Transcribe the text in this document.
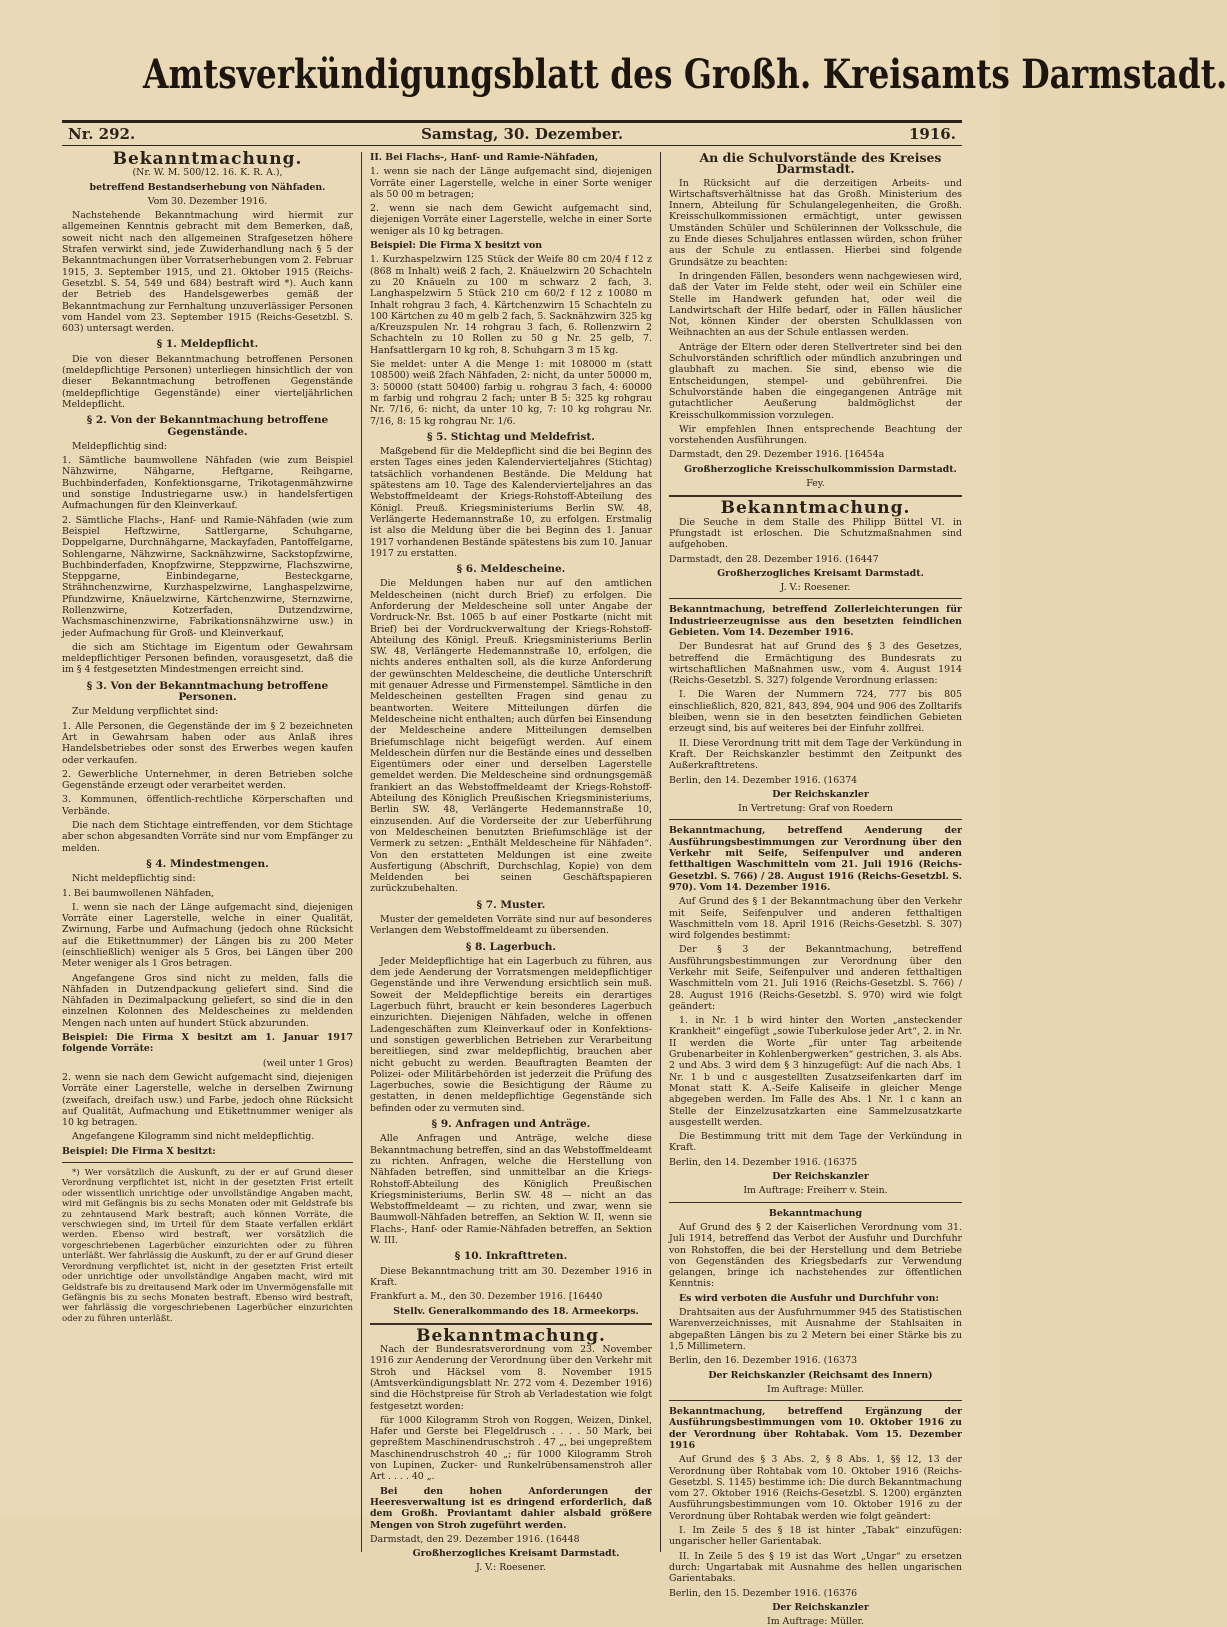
Amtsverkündigungsblatt des Großh. Kreisamts Darmstadt.
Nr. 292.	Samstag, 30. Dezember.	1916.
Bekanntmachung.

(Nr. W. M. 500/12. 16. K. R. A.),

betreffend Bestandserhebung von Nähfaden.

Vom 30. Dezember 1916.

Nachstehende Bekanntmachung wird hiermit zur allgemeinen Kenntnis gebracht mit dem Bemerken, daß, soweit nicht nach den allgemeinen Strafgesetzen höhere Strafen verwirkt sind, jede Zuwiderhandlung nach § 5 der Bekanntmachungen über Vorratserhebungen vom 2. Februar 1915, 3. September 1915, und 21. Oktober 1915 (Reichs-Gesetzbl. S. 54, 549 und 684) bestraft wird *). Auch kann der Betrieb des Handelsgewerbes gemäß der Bekanntmachung zur Fernhaltung unzuverlässiger Personen vom Handel vom 23. September 1915 (Reichs-Gesetzbl. S. 603) untersagt werden.

§ 1. Meldepflicht.

Die von dieser Bekanntmachung betroffenen Personen (meldepflichtige Personen) unterliegen hinsichtlich der von dieser Bekanntmachung betroffenen Gegenstände (meldepflichtige Gegenstände) einer vierteljährlichen Meldepflicht.

§ 2. Von der Bekanntmachung betroffene Gegenstände.

Meldepflichtig sind:

1. Sämtliche baumwollene Nähfaden (wie zum Beispiel Nähzwirne, Nähgarne, Heftgarne, Reihgarne, Buchbinderfaden, Konfektionsgarne, Trikotagenmähzwirne und sonstige Industriegarne usw.) in handelsfertigen Aufmachungen für den Kleinverkauf.

2. Sämtliche Flachs-, Hanf- und Ramie-Nähfaden (wie zum Beispiel Heftzwirne, Sattlergarne, Schuhgarne, Doppelgarne, Durchnähgarne, Mackayfaden, Pantoffelgarne, Sohlengarne, Nähzwirne, Sacknähzwirne, Sackstopfzwirne, Buchbinderfaden, Knopfzwirne, Steppzwirne, Flachszwirne, Steppgarne, Einbindegarne, Besteckgarne, Strähnchenzwirne, Kurzhaspelzwirne, Langhaspelzwirne, Pfundzwirne, Knäuelzwirne, Kärtchenzwirne, Sternzwirne, Rollenzwirne, Kotzerfaden, Dutzendzwirne, Wachsmaschinenzwirne, Fabrikationsnähzwirne usw.) in jeder Aufmachung für Groß- und Kleinverkauf,

die sich am Stichtage im Eigentum oder Gewahrsam meldepflichtiger Personen befinden, vorausgesetzt, daß die im § 4 festgesetzten Mindestmengen erreicht sind.

§ 3. Von der Bekanntmachung betroffene Personen.

Zur Meldung verpflichtet sind:

1. Alle Personen, die Gegenstände der im § 2 bezeichneten Art in Gewahrsam haben oder aus Anlaß ihres Handelsbetriebes oder sonst des Erwerbes wegen kaufen oder verkaufen.

2. Gewerbliche Unternehmer, in deren Betrieben solche Gegenstände erzeugt oder verarbeitet werden.

3. Kommunen, öffentlich-rechtliche Körperschaften und Verbände.

Die nach dem Stichtage eintreffenden, vor dem Stichtage aber schon abgesandten Vorräte sind nur vom Empfänger zu melden.

§ 4. Mindestmengen.

Nicht meldepflichtig sind:

1. Bei baumwollenen Nähfaden,

I. wenn sie nach der Länge aufgemacht sind, diejenigen Vorräte einer Lagerstelle, welche in einer Qualität, Zwirnung, Farbe und Aufmachung (jedoch ohne Rücksicht auf die Etikettnummer) der Längen bis zu 200 Meter (einschließlich) weniger als 5 Gros, bei Längen über 200 Meter weniger als 1 Gros betragen.

Angefangene Gros sind nicht zu melden, falls die Nähfaden in Dutzendpackung geliefert sind. Sind die Nähfaden in Dezimalpackung geliefert, so sind die in den einzelnen Kolonnen des Meldescheines zu meldenden Mengen nach unten auf hundert Stück abzurunden.

Beispiel: Die Firma X besitzt am 1. Januar 1917 folgende Vorräte:

(weil unter 1 Gros)

2. wenn sie nach dem Gewicht aufgemacht sind, diejenigen Vorräte einer Lagerstelle, welche in derselben Zwirnung (zweifach, dreifach usw.) und Farbe, jedoch ohne Rücksicht auf Qualität, Aufmachung und Etikettnummer weniger als 10 kg betragen.

Angefangene Kilogramm sind nicht meldepflichtig.

Beispiel: Die Firma X besitzt:

*) Wer vorsätzlich die Auskunft, zu der er auf Grund dieser Verordnung verpflichtet ist, nicht in der gesetzten Frist erteilt oder wissentlich unrichtige oder unvollständige Angaben macht, wird mit Gefängnis bis zu sechs Monaten oder mit Geldstrafe bis zu zehntausend Mark bestraft; auch können Vorräte, die verschwiegen sind, im Urteil für dem Staate verfallen erklärt werden. Ebenso wird bestraft, wer vorsätzlich die vorgeschriebenen Lagerbücher einzurichten oder zu führen unterläßt. Wer fahrlässig die Auskunft, zu der er auf Grund dieser Verordnung verpflichtet ist, nicht in der gesetzten Frist erteilt oder unrichtige oder unvollständige Angaben macht, wird mit Geldstrafe bis zu dreitausend Mark oder im Unvermögensfalle mit Gefängnis bis zu sechs Monaten bestraft. Ebenso wird bestraft, wer fahrlässig die vorgeschriebenen Lagerbücher einzurichten oder zu führen unterläßt.

II. Bei Flachs-, Hanf- und Ramie-Nähfaden,

1. wenn sie nach der Länge aufgemacht sind, diejenigen Vorräte einer Lagerstelle, welche in einer Sorte weniger als 50 00 m betragen;

2. wenn sie nach dem Gewicht aufgemacht sind, diejenigen Vorräte einer Lagerstelle, welche in einer Sorte weniger als 10 kg betragen.

Beispiel: Die Firma X besitzt von

1. Kurzhaspelzwirn 125 Stück der Weife 80 cm 20/4 f 12 z (868 m Inhalt) weiß 2 fach, 2. Knäuelzwirn 20 Schachteln zu 20 Knäueln zu 100 m schwarz 2 fach, 3. Langhaspelzwirn 5 Stück 210 cm 60/2 f 12 z 10080 m Inhalt rohgrau 3 fach, 4. Kärtchenzwirn 15 Schachteln zu 100 Kärtchen zu 40 m gelb 2 fach, 5. Sacknähzwirn 325 kg a/Kreuzspulen Nr. 14 rohgrau 3 fach, 6. Rollenzwirn 2 Schachteln zu 10 Rollen zu 50 g Nr. 25 gelb, 7. Hanfsattlergarn 10 kg roh, 8. Schuhgarn 3 m 15 kg.

Sie meldet: unter A die Menge 1: mit 108000 m (statt 108500) weiß 2fach Nähfaden, 2: nicht, da unter 50000 m, 3: 50000 (statt 50400) farbig u. rohgrau 3 fach, 4: 60000 m farbig und rohgrau 2 fach; unter B 5: 325 kg rohgrau Nr. 7/16, 6: nicht, da unter 10 kg, 7: 10 kg rohgrau Nr. 7/16, 8: 15 kg rohgrau Nr. 1/6.

§ 5. Stichtag und Meldefrist.

Maßgebend für die Meldepflicht sind die bei Beginn des ersten Tages eines jeden Kalendervierteljahres (Stichtag) tatsächlich vorhandenen Bestände. Die Meldung hat spätestens am 10. Tage des Kalendervierteljahres an das Webstoffmeldeamt der Kriegs-Rohstoff-Abteilung des Königl. Preuß. Kriegsministeriums Berlin SW. 48, Verlängerte Hedemannstraße 10, zu erfolgen. Erstmalig ist also die Meldung über die bei Beginn des 1. Januar 1917 vorhandenen Bestände spätestens bis zum 10. Januar 1917 zu erstatten.

§ 6. Meldescheine.

Die Meldungen haben nur auf den amtlichen Meldescheinen (nicht durch Brief) zu erfolgen. Die Anforderung der Meldescheine soll unter Angabe der Vordruck-Nr. Bst. 1065 b auf einer Postkarte (nicht mit Brief) bei der Vordruckverwaltung der Kriegs-Rohstoff-Abteilung des Königl. Preuß. Kriegsministeriums Berlin SW. 48, Verlängerte Hedemannstraße 10, erfolgen, die nichts anderes enthalten soll, als die kurze Anforderung der gewünschten Meldescheine, die deutliche Unterschrift mit genauer Adresse und Firmenstempel. Sämtliche in den Meldescheinen gestellten Fragen sind genau zu beantworten. Weitere Mitteilungen dürfen die Meldescheine nicht enthalten; auch dürfen bei Einsendung der Meldescheine andere Mitteilungen demselben Briefumschlage nicht beigefügt werden. Auf einem Meldeschein dürfen nur die Bestände eines und desselben Eigentümers oder einer und derselben Lagerstelle gemeldet werden. Die Meldescheine sind ordnungsgemäß frankiert an das Webstoffmeldeamt der Kriegs-Rohstoff-Abteilung des Königlich Preußischen Kriegsministeriums, Berlin SW. 48, Verlängerte Hedemannstraße 10, einzusenden. Auf die Vorderseite der zur Ueberführung von Meldescheinen benutzten Briefumschläge ist der Vermerk zu setzen: „Enthält Meldescheine für Nähfaden“. Von den erstatteten Meldungen ist eine zweite Ausfertigung (Abschrift, Durchschlag, Kopie) von dem Meldenden bei seinen Geschäftspapieren zurückzubehalten.

§ 7. Muster.

Muster der gemeldeten Vorräte sind nur auf besonderes Verlangen dem Webstoffmeldeamt zu übersenden.

§ 8. Lagerbuch.

Jeder Meldepflichtige hat ein Lagerbuch zu führen, aus dem jede Aenderung der Vorratsmengen meldepflichtiger Gegenstände und ihre Verwendung ersichtlich sein muß. Soweit der Meldepflichtige bereits ein derartiges Lagerbuch führt, braucht er kein besonderes Lagerbuch einzurichten. Diejenigen Nähfaden, welche in offenen Ladengeschäften zum Kleinverkauf oder in Konfektions- und sonstigen gewerblichen Betrieben zur Verarbeitung bereitliegen, sind zwar meldepflichtig, brauchen aber nicht gebucht zu werden. Beauftragten Beamten der Polizei- oder Militärbehörden ist jederzeit die Prüfung des Lagerbuches, sowie die Besichtigung der Räume zu gestatten, in denen meldepflichtige Gegenstände sich befinden oder zu vermuten sind.

§ 9. Anfragen und Anträge.

Alle Anfragen und Anträge, welche diese Bekanntmachung betreffen, sind an das Webstoffmeldeamt zu richten. Anfragen, welche die Herstellung von Nähfaden betreffen, sind unmittelbar an die Kriegs-Rohstoff-Abteilung des Königlich Preußischen Kriegsministeriums, Berlin SW. 48 — nicht an das Webstoffmeldeamt — zu richten, und zwar, wenn sie Baumwoll-Nähfaden betreffen, an Sektion W. II, wenn sie Flachs-, Hanf- oder Ramie-Nähfaden betreffen, an Sektion W. III.

§ 10. Inkrafttreten.

Diese Bekanntmachung tritt am 30. Dezember 1916 in Kraft.

Frankfurt a. M., den 30. Dezember 1916. [16440

Stellv. Generalkommando des 18. Armeekorps.

Bekanntmachung.

Nach der Bundesratsverordnung vom 23. November 1916 zur Aenderung der Verordnung über den Verkehr mit Stroh und Häcksel vom 8. November 1915 (Amtsverkündigungsblatt Nr. 272 vom 4. Dezember 1916) sind die Höchstpreise für Stroh ab Verladestation wie folgt festgesetzt worden:

für 1000 Kilogramm Stroh von Roggen, Weizen, Dinkel, Hafer und Gerste bei Flegeldrusch . . . . 50 Mark, bei gepreßtem Maschinendruschstroh . 47 „, bei ungepreßtem Maschinendruschstroh 40 „; für 1000 Kilogramm Stroh von Lupinen, Zucker- und Runkelrübensamenstroh aller Art . . . . 40 „.

Bei den hohen Anforderungen der Heeresverwaltung ist es dringend erforderlich, daß dem Großh. Proviantamt dahier alsbald größere Mengen von Stroh zugeführt werden.

Darmstadt, den 29. Dezember 1916. (16448

Großherzogliches Kreisamt Darmstadt.

J. V.: Roesener.

An die Schulvorstände des Kreises Darmstadt.

In Rücksicht auf die derzeitigen Arbeits- und Wirtschaftsverhältnisse hat das Großh. Ministerium des Innern, Abteilung für Schulangelegenheiten, die Großh. Kreisschulkommissionen ermächtigt, unter gewissen Umständen Schüler und Schülerinnen der Volksschule, die zu Ende dieses Schuljahres entlassen würden, schon früher aus der Schule zu entlassen. Hierbei sind folgende Grundsätze zu beachten:

In dringenden Fällen, besonders wenn nachgewiesen wird, daß der Vater im Felde steht, oder weil ein Schüler eine Stelle im Handwerk gefunden hat, oder weil die Landwirtschaft der Hilfe bedarf, oder in Fällen häuslicher Not, können Kinder der obersten Schulklassen von Weihnachten an aus der Schule entlassen werden.

Anträge der Eltern oder deren Stellvertreter sind bei den Schulvorständen schriftlich oder mündlich anzubringen und glaubhaft zu machen. Sie sind, ebenso wie die Entscheidungen, stempel- und gebührenfrei. Die Schulvorstände haben die eingegangenen Anträge mit gutachtlicher Aeußerung baldmöglichst der Kreisschulkommission vorzulegen.

Wir empfehlen Ihnen entsprechende Beachtung der vorstehenden Ausführungen.

Darmstadt, den 29. Dezember 1916. [16454a

Großherzogliche Kreisschulkommission Darmstadt.

Fey.

Bekanntmachung.

Die Seuche in dem Stalle des Philipp Büttel VI. in Pfungstadt ist erloschen. Die Schutzmaßnahmen sind aufgehoben.

Darmstadt, den 28. Dezember 1916. (16447

Großherzogliches Kreisamt Darmstadt.

J. V.: Roesener.

Bekanntmachung, betreffend Zollerleichterungen für Industrieerzeugnisse aus den besetzten feindlichen Gebieten. Vom 14. Dezember 1916.

Der Bundesrat hat auf Grund des § 3 des Gesetzes, betreffend die Ermächtigung des Bundesrats zu wirtschaftlichen Maßnahmen usw., vom 4. August 1914 (Reichs-Gesetzbl. S. 327) folgende Verordnung erlassen:

I. Die Waren der Nummern 724, 777 bis 805 einschließlich, 820, 821, 843, 894, 904 und 906 des Zolltarifs bleiben, wenn sie in den besetzten feindlichen Gebieten erzeugt sind, bis auf weiteres bei der Einfuhr zollfrei.

II. Diese Verordnung tritt mit dem Tage der Verkündung in Kraft. Der Reichskanzler bestimmt den Zeitpunkt des Außerkrafttretens.

Berlin, den 14. Dezember 1916. (16374

Der Reichskanzler

In Vertretung: Graf von Roedern

Bekanntmachung, betreffend Aenderung der Ausführungsbestimmungen zur Verordnung über den Verkehr mit Seife, Seifenpulver und anderen fetthaltigen Waschmitteln vom 21. Juli 1916 (Reichs-Gesetzbl. S. 766) / 28. August 1916 (Reichs-Gesetzbl. S. 970). Vom 14. Dezember 1916.

Auf Grund des § 1 der Bekanntmachung über den Verkehr mit Seife, Seifenpulver und anderen fetthaltigen Waschmitteln vom 18. April 1916 (Reichs-Gesetzbl. S. 307) wird folgendes bestimmt:

Der § 3 der Bekanntmachung, betreffend Ausführungsbestimmungen zur Verordnung über den Verkehr mit Seife, Seifenpulver und anderen fetthaltigen Waschmitteln vom 21. Juli 1916 (Reichs-Gesetzbl. S. 766) / 28. August 1916 (Reichs-Gesetzbl. S. 970) wird wie folgt geändert:

1. in Nr. 1 b wird hinter den Worten „ansteckender Krankheit“ eingefügt „sowie Tuberkulose jeder Art“, 2. in Nr. II werden die Worte „für unter Tag arbeitende Grubenarbeiter in Kohlenbergwerken“ gestrichen, 3. als Abs. 2 und Abs. 3 wird dem § 3 hinzugefügt: Auf die nach Abs. 1 Nr. 1 b und c ausgestellten Zusatzseifenkarten darf im Monat statt K. A.-Seife Kaliseife in gleicher Menge abgegeben werden. Im Falle des Abs. 1 Nr. 1 c kann an Stelle der Einzelzusatzkarten eine Sammelzusatzkarte ausgestellt werden.

Die Bestimmung tritt mit dem Tage der Verkündung in Kraft.

Berlin, den 14. Dezember 1916. (16375

Der Reichskanzler

Im Auftrage: Freiherr v. Stein.

Bekanntmachung

Auf Grund des § 2 der Kaiserlichen Verordnung vom 31. Juli 1914, betreffend das Verbot der Ausfuhr und Durchfuhr von Rohstoffen, die bei der Herstellung und dem Betriebe von Gegenständen des Kriegsbedarfs zur Verwendung gelangen, bringe ich nachstehendes zur öffentlichen Kenntnis:

Es wird verboten die Ausfuhr und Durchfuhr von:

Drahtsaiten aus der Ausfuhrnummer 945 des Statistischen Warenverzeichnisses, mit Ausnahme der Stahlsaiten in abgepaßten Längen bis zu 2 Metern bei einer Stärke bis zu 1,5 Millimetern.

Berlin, den 16. Dezember 1916. (16373

Der Reichskanzler (Reichsamt des Innern)

Im Auftrage: Müller.

Bekanntmachung, betreffend Ergänzung der Ausführungsbestimmungen vom 10. Oktober 1916 zu der Verordnung über Rohtabak. Vom 15. Dezember 1916

Auf Grund des § 3 Abs. 2, § 8 Abs. 1, §§ 12, 13 der Verordnung über Rohtabak vom 10. Oktober 1916 (Reichs-Gesetzbl. S. 1145) bestimme ich: Die durch Bekanntmachung vom 27. Oktober 1916 (Reichs-Gesetzbl. S. 1200) ergänzten Ausführungsbestimmungen vom 10. Oktober 1916 zu der Verordnung über Rohtabak werden wie folgt geändert:

I. Im Zeile 5 des § 18 ist hinter „Tabak“ einzufügen: ungarischer heller Garientabak.

II. In Zeile 5 des § 19 ist das Wort „Ungar“ zu ersetzen durch: Ungartabak mit Ausnahme des hellen ungarischen Garientabaks.

Berlin, den 15. Dezember 1916. (16376

Der Reichskanzler

Im Auftrage: Müller.
